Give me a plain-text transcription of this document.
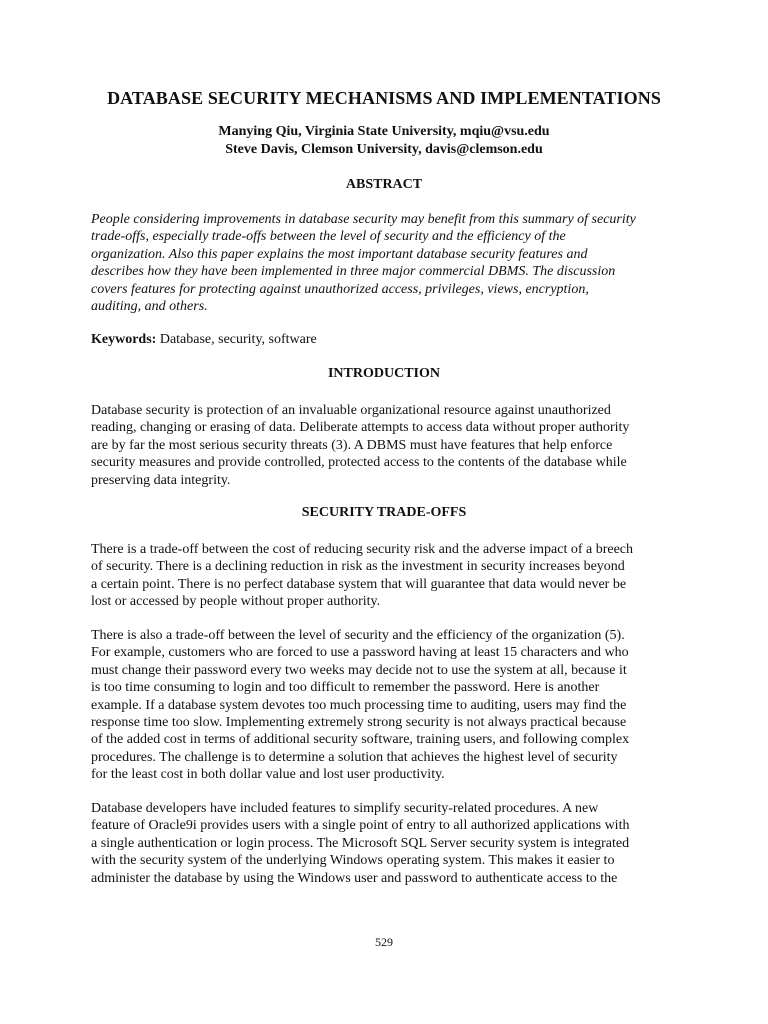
DATABASE SECURITY MECHANISMS AND IMPLEMENTATIONS
Manying Qiu, Virginia State University, mqiu@vsu.edu
Steve Davis, Clemson University, davis@clemson.edu
ABSTRACT
People considering improvements in database security may benefit from this summary of security
trade-offs, especially trade-offs between the level of security and the efficiency of the
organization. Also this paper explains the most important database security features and
describes how they have been implemented in three major commercial DBMS. The discussion
covers features for protecting against unauthorized access, privileges, views, encryption,
auditing, and others.
Keywords: Database, security, software
INTRODUCTION
Database security is protection of an invaluable organizational resource against unauthorized
reading, changing or erasing of data. Deliberate attempts to access data without proper authority
are by far the most serious security threats (3). A DBMS must have features that help enforce
security measures and provide controlled, protected access to the contents of the database while
preserving data integrity.
SECURITY TRADE-OFFS
There is a trade-off between the cost of reducing security risk and the adverse impact of a breech
of security. There is a declining reduction in risk as the investment in security increases beyond
a certain point. There is no perfect database system that will guarantee that data would never be
lost or accessed by people without proper authority.
There is also a trade-off between the level of security and the efficiency of the organization (5).
For example, customers who are forced to use a password having at least 15 characters and who
must change their password every two weeks may decide not to use the system at all, because it
is too time consuming to login and too difficult to remember the password. Here is another
example. If a database system devotes too much processing time to auditing, users may find the
response time too slow. Implementing extremely strong security is not always practical because
of the added cost in terms of additional security software, training users, and following complex
procedures. The challenge is to determine a solution that achieves the highest level of security
for the least cost in both dollar value and lost user productivity.
Database developers have included features to simplify security-related procedures. A new
feature of Oracle9i provides users with a single point of entry to all authorized applications with
a single authentication or login process. The Microsoft SQL Server security system is integrated
with the security system of the underlying Windows operating system. This makes it easier to
administer the database by using the Windows user and password to authenticate access to the
529
